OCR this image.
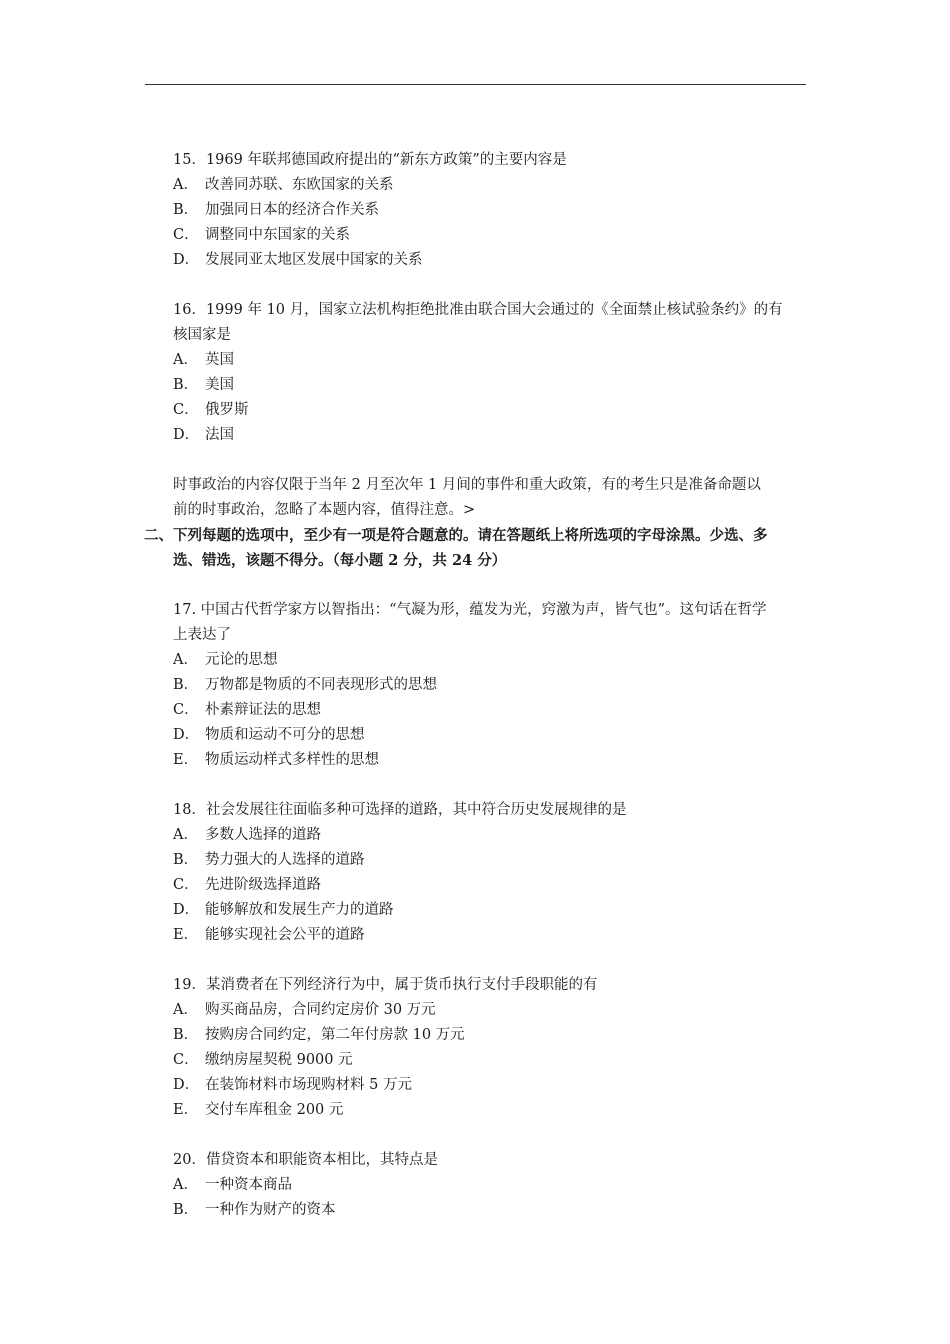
15．1969 年联邦德国政府提出的“新东方政策”的主要内容是
A． 改善同苏联、东欧国家的关系
B． 加强同日本的经济合作关系
C． 调整同中东国家的关系
D． 发展同亚太地区发展中国家的关系
16．1999 年 10 月，国家立法机构拒绝批准由联合国大会通过的《全面禁止核试验条约》的有
核国家是
A． 英国
B． 美国
C． 俄罗斯
D． 法国
时事政治的内容仅限于当年 2 月至次年 1 月间的事件和重大政策，有的考生只是准备命题以
前的时事政治，忽略了本题内容，值得注意。>
二、 下列每题的选项中，至少有一项是符合题意的。请在答题纸上将所选项的字母涂黑。少选、多
选、错选，该题不得分。（每小题 2 分，共 24 分）
17. 中国古代哲学家方以智指出：“气凝为形，蕴发为光，窍激为声，皆气也”。这句话在哲学
上表达了
A． 元论的思想
B． 万物都是物质的不同表现形式的思想
C． 朴素辩证法的思想
D． 物质和运动不可分的思想
E． 物质运动样式多样性的思想
18．社会发展往往面临多种可选择的道路，其中符合历史发展规律的是
A． 多数人选择的道路
B． 势力强大的人选择的道路
C． 先进阶级选择道路
D． 能够解放和发展生产力的道路
E． 能够实现社会公平的道路
19．某消费者在下列经济行为中，属于货币执行支付手段职能的有
A． 购买商品房，合同约定房价 30 万元
B． 按购房合同约定，第二年付房款 10 万元
C． 缴纳房屋契税 9000 元
D． 在装饰材料市场现购材料 5 万元
E． 交付车库租金 200 元
20．借贷资本和职能资本相比，其特点是
A． 一种资本商品
B． 一种作为财产的资本
